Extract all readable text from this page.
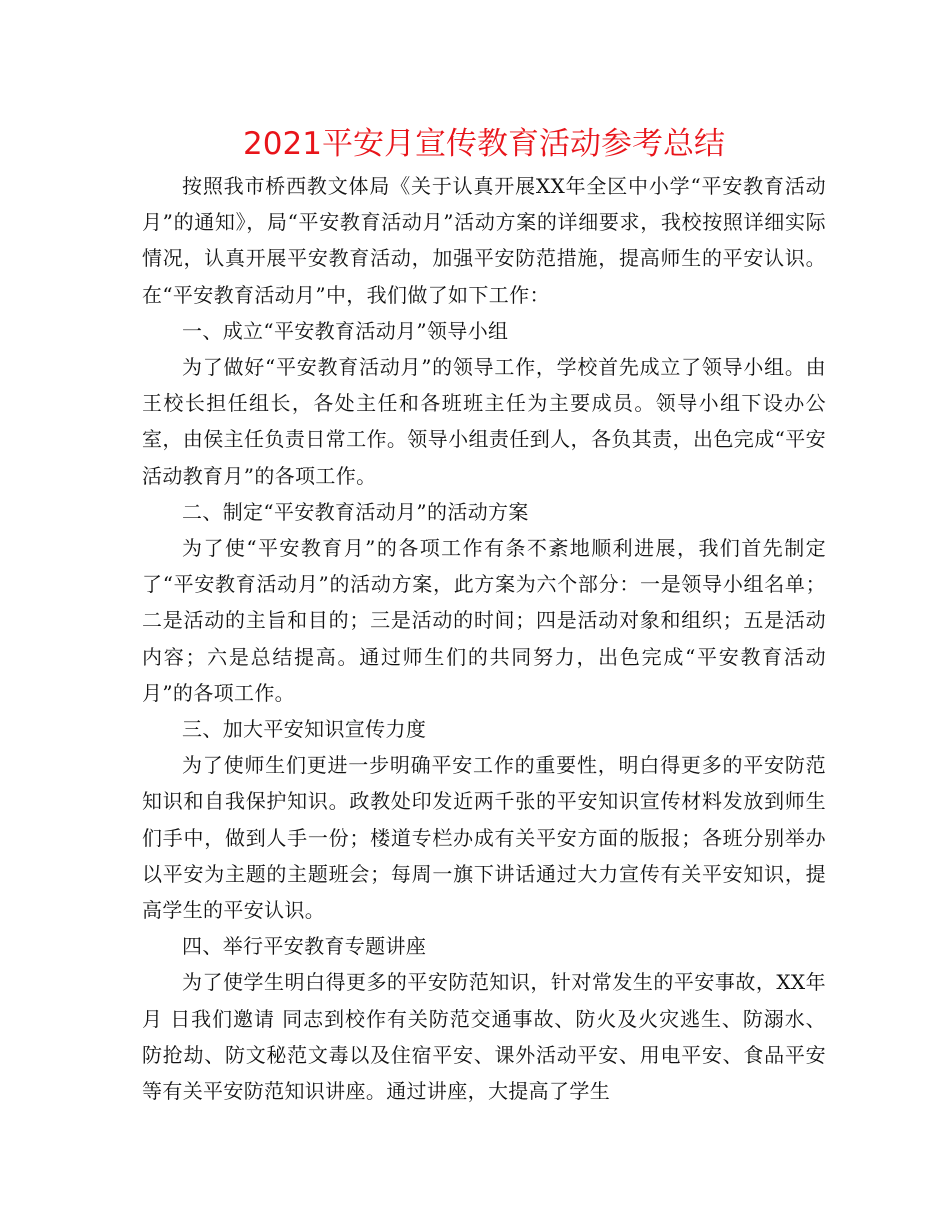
2021平安月宣传教育活动参考总结

按照我市桥西教文体局《关于认真开展XX年全区中小学“平安教育活动月”的通知》，局“平安教育活动月”活动方案的详细要求，我校按照详细实际情况，认真开展平安教育活动，加强平安防范措施，提高师生的平安认识。在“平安教育活动月”中，我们做了如下工作：

一、成立“平安教育活动月”领导小组

为了做好“平安教育活动月”的领导工作，学校首先成立了领导小组。由王校长担任组长，各处主任和各班班主任为主要成员。领导小组下设办公室，由侯主任负责日常工作。领导小组责任到人，各负其责，出色完成“平安活动教育月”的各项工作。

二、制定“平安教育活动月”的活动方案

为了使“平安教育月”的各项工作有条不紊地顺利进展，我们首先制定了“平安教育活动月”的活动方案，此方案为六个部分：一是领导小组名单；二是活动的主旨和目的；三是活动的时间；四是活动对象和组织；五是活动内容；六是总结提高。通过师生们的共同努力，出色完成“平安教育活动月”的各项工作。

三、加大平安知识宣传力度

为了使师生们更进一步明确平安工作的重要性，明白得更多的平安防范知识和自我保护知识。政教处印发近两千张的平安知识宣传材料发放到师生们手中，做到人手一份；楼道专栏办成有关平安方面的版报；各班分别举办以平安为主题的主题班会；每周一旗下讲话通过大力宣传有关平安知识，提高学生的平安认识。

四、举行平安教育专题讲座

为了使学生明白得更多的平安防范知识，针对常发生的平安事故，XX年 月 日我们邀请 同志到校作有关防范交通事故、防火及火灾逃生、防溺水、防抢劫、防文秘范文毒以及住宿平安、课外活动平安、用电平安、食品平安等有关平安防范知识讲座。通过讲座，大提高了学生
